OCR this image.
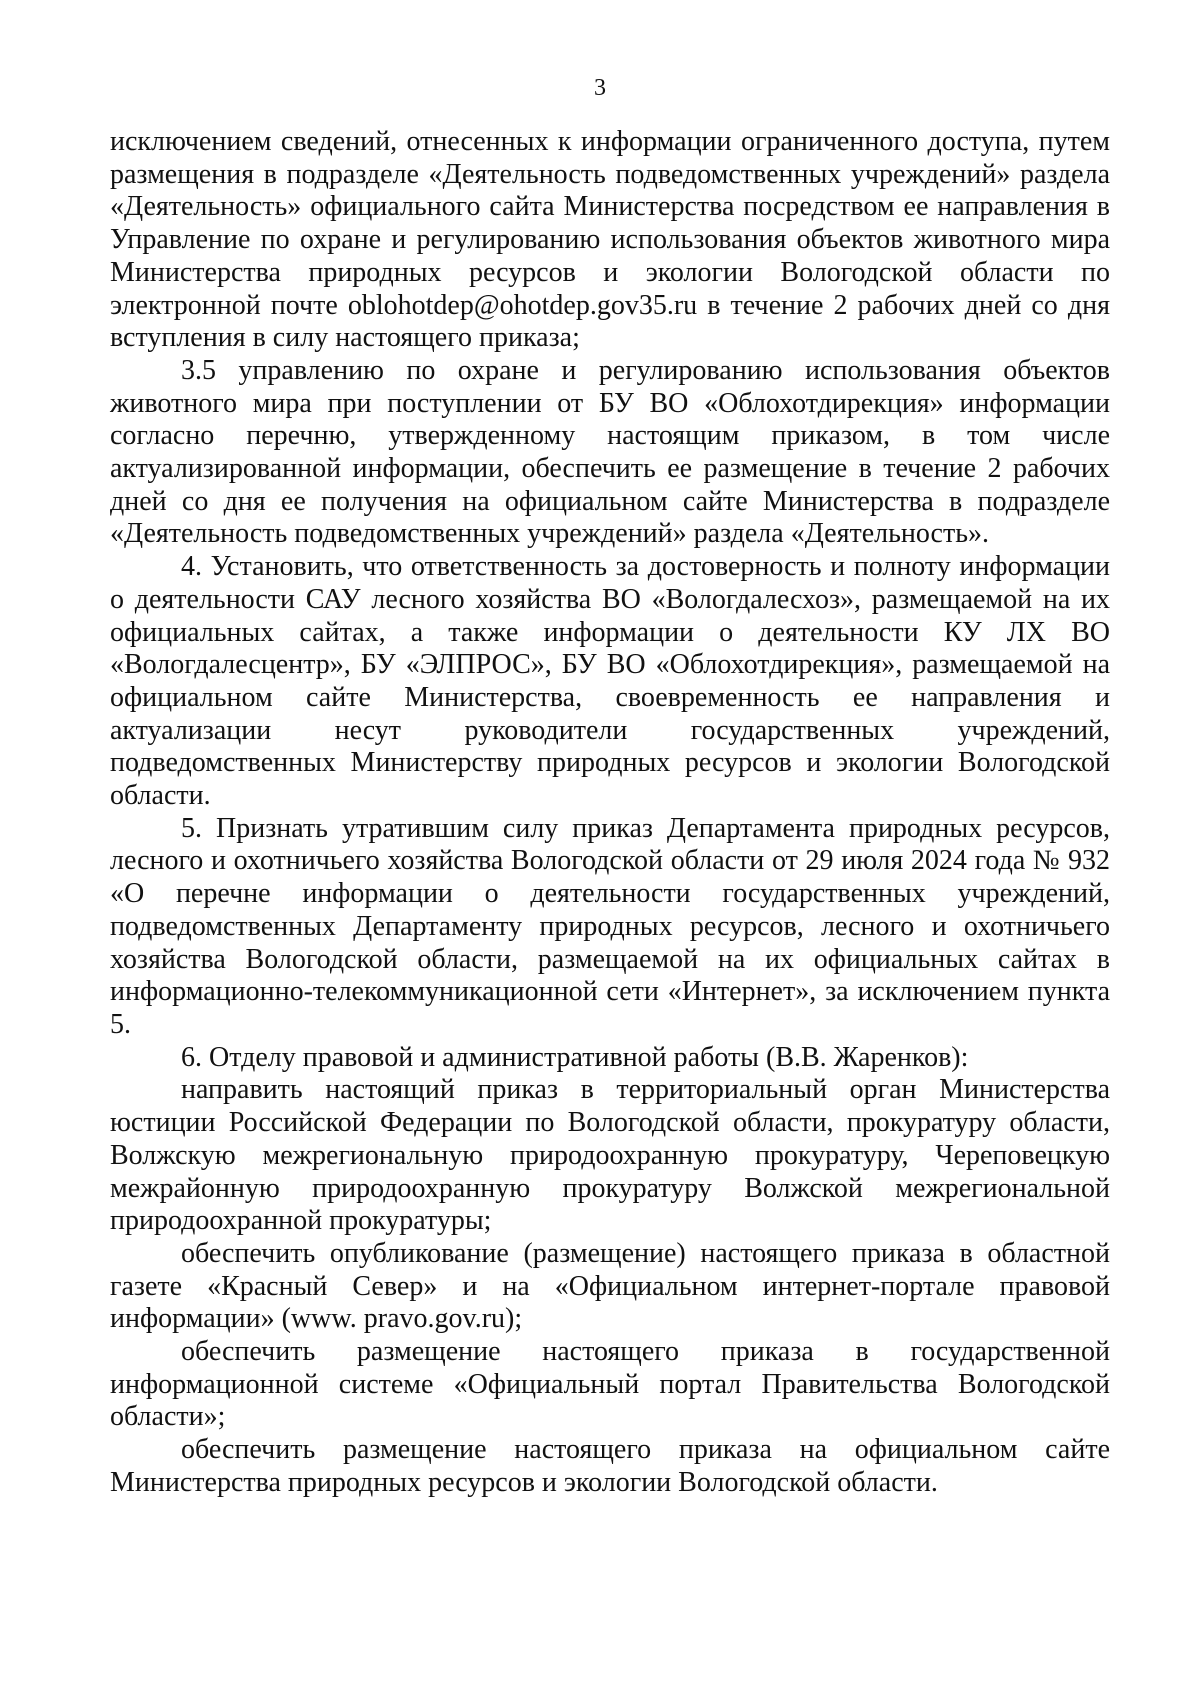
3

исключением сведений, отнесенных к информации ограниченного доступа, путем размещения в подразделе «Деятельность подведомственных учреждений» раздела «Деятельность» официального сайта Министерства посредством ее направления в Управление по охране и регулированию использования объектов животного мира Министерства природных ресурсов и экологии Вологодской области по электронной почте oblohotdep@ohotdep.gov35.ru в течение 2 рабочих дней со дня вступления в силу настоящего приказа;

3.5 управлению по охране и регулированию использования объектов животного мира при поступлении от БУ ВО «Облохотдирекция» информации согласно перечню, утвержденному настоящим приказом, в том числе актуализированной информации, обеспечить ее размещение в течение 2 рабочих дней со дня ее получения на официальном сайте Министерства в подразделе «Деятельность подведомственных учреждений» раздела «Деятельность».

4. Установить, что ответственность за достоверность и полноту информации о деятельности САУ лесного хозяйства ВО «Вологдалесхоз», размещаемой на их официальных сайтах, а также информации о деятельности КУ ЛХ ВО «Вологдалесцентр», БУ «ЭЛПРОС», БУ ВО «Облохотдирекция», размещаемой на официальном сайте Министерства, своевременность ее направления и актуализации несут руководители государственных учреждений, подведомственных Министерству природных ресурсов и экологии Вологодской области.

5. Признать утратившим силу приказ Департамента природных ресурсов, лесного и охотничьего хозяйства Вологодской области от 29 июля 2024 года № 932 «О перечне информации о деятельности государственных учреждений, подведомственных Департаменту природных ресурсов, лесного и охотничьего хозяйства Вологодской области, размещаемой на их официальных сайтах в информационно-телекоммуникационной сети «Интернет», за исключением пункта 5.

6. Отделу правовой и административной работы (В.В. Жаренков):

направить настоящий приказ в территориальный орган Министерства юстиции Российской Федерации по Вологодской области, прокуратуру области, Волжскую межрегиональную природоохранную прокуратуру, Череповецкую межрайонную природоохранную прокуратуру Волжской межрегиональной природоохранной прокуратуры;

обеспечить опубликование (размещение) настоящего приказа в областной газете «Красный Север» и на «Официальном интернет-портале правовой информации» (www. pravo.gov.ru);

обеспечить размещение настоящего приказа в государственной информационной системе «Официальный портал Правительства Вологодской области»;

обеспечить размещение настоящего приказа на официальном сайте Министерства природных ресурсов и экологии Вологодской области.
